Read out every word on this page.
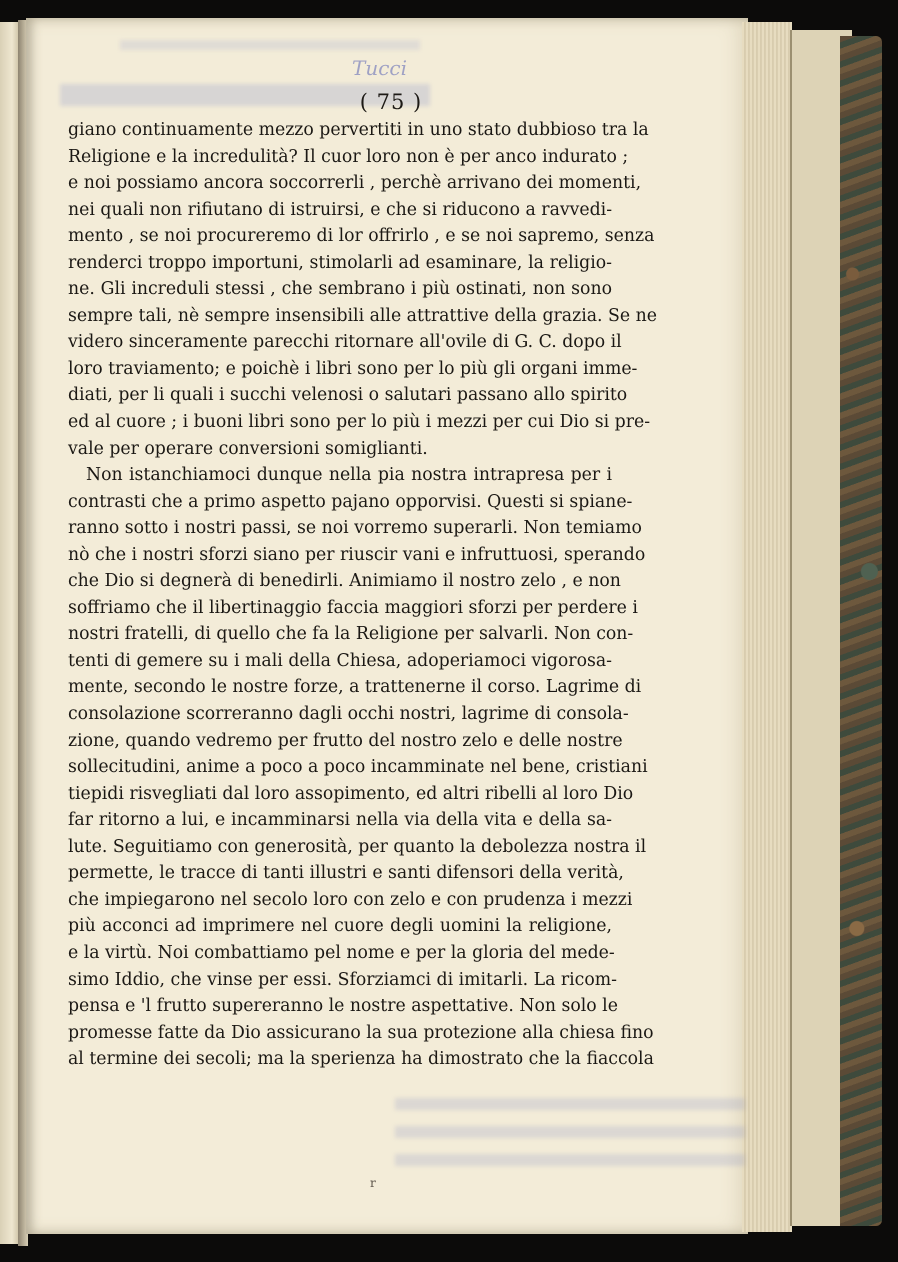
Tucci
( 75 )
giano continuamente mezzo pervertiti in uno stato dubbioso tra la
Religione e la incredulità? Il cuor loro non è per anco indurato ;
e noi possiamo ancora soccorrerli , perchè arrivano dei momenti,
nei quali non rifiutano di istruirsi, e che si riducono a ravvedi-
mento , se noi procureremo di lor offrirlo , e se noi sapremo, senza
renderci troppo importuni, stimolarli ad esaminare, la religio-
ne. Gli increduli stessi , che sembrano i più ostinati, non sono
sempre tali, nè sempre insensibili alle attrattive della grazia. Se ne
videro sinceramente parecchi ritornare all'ovile di G. C. dopo il
loro traviamento; e poichè i libri sono per lo più gli organi imme-
diati, per li quali i succhi velenosi o salutari passano allo spirito
ed al cuore ; i buoni libri sono per lo più i mezzi per cui Dio si pre-
vale per operare conversioni somiglianti.
Non istanchiamoci dunque nella pia nostra intrapresa per i
contrasti che a primo aspetto pajano opporvisi. Questi si spiane-
ranno sotto i nostri passi, se noi vorremo superarli. Non temiamo
nò che i nostri sforzi siano per riuscir vani e infruttuosi, sperando
che Dio si degnerà di benedirli. Animiamo il nostro zelo , e non
soffriamo che il libertinaggio faccia maggiori sforzi per perdere i
nostri fratelli, di quello che fa la Religione per salvarli. Non con-
tenti di gemere su i mali della Chiesa, adoperiamoci vigorosa-
mente, secondo le nostre forze, a trattenerne il corso. Lagrime di
consolazione scorreranno dagli occhi nostri, lagrime di consola-
zione, quando vedremo per frutto del nostro zelo e delle nostre
sollecitudini, anime a poco a poco incamminate nel bene, cristiani
tiepidi risvegliati dal loro assopimento, ed altri ribelli al loro Dio
far ritorno a lui, e incamminarsi nella via della vita e della sa-
lute. Seguitiamo con generosità, per quanto la debolezza nostra il
permette, le tracce di tanti illustri e santi difensori della verità,
che impiegarono nel secolo loro con zelo e con prudenza i mezzi
più acconci ad imprimere nel cuore degli uomini la religione,
e la virtù. Noi combattiamo pel nome e per la gloria del mede-
simo Iddio, che vinse per essi. Sforziamci di imitarli. La ricom-
pensa e 'l frutto supereranno le nostre aspettative. Non solo le
promesse fatte da Dio assicurano la sua protezione alla chiesa fino
al termine dei secoli; ma la sperienza ha dimostrato che la fiaccola
r
